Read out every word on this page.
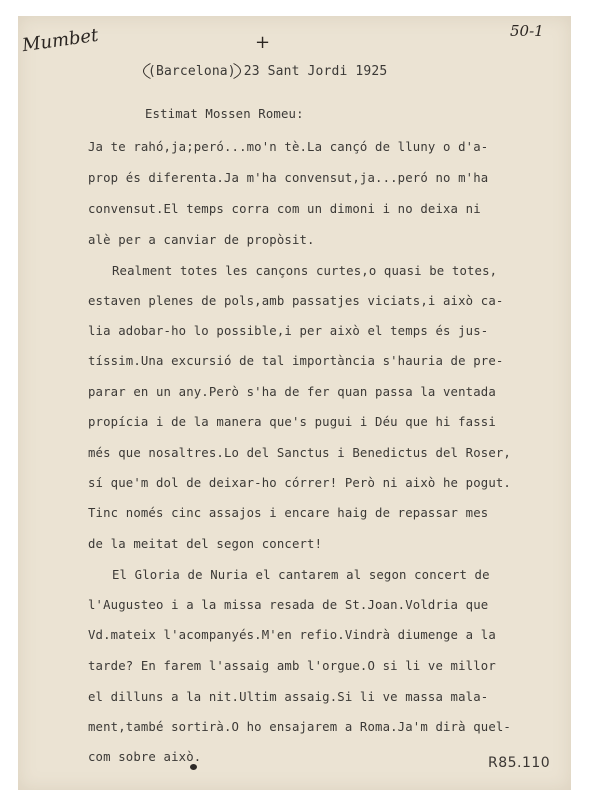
Mumbet	50-1
+
(Barcelona) 23 Sant Jordi 1925
Estimat Mossen Romeu:
Ja te rahó,ja;peró...mo'n tè.La cançó de lluny o d'a-
prop és diferenta.Ja m'ha convensut,ja...peró no m'ha
convensut.El temps corra com un dimoni i no deixa ni
alè per a canviar de propòsit.
Realment totes les cançons curtes,o quasi be totes,
estaven plenes de pols,amb passatjes viciats,i això ca-
lia adobar-ho lo possible,i per això el temps és jus-
tíssim.Una excursió de tal importància s'hauria de pre-
parar en un any.Però s'ha de fer quan passa la ventada
propícia i de la manera que's pugui i Déu que hi fassi
més que nosaltres.Lo del Sanctus i Benedictus del Roser,
sí que'm dol de deixar-ho córrer! Però ni això he pogut.
Tinc només cinc assajos i encare haig de repassar mes
de la meitat del segon concert!
El Gloria de Nuria el cantarem al segon concert de
l'Augusteo i a la missa resada de St.Joan.Voldria que
Vd.mateix l'acompanyés.M'en refio.Vindrà diumenge a la
tarde? En farem l'assaig amb l'orgue.O si li ve millor
el dilluns a la nit.Ultim assaig.Si li ve massa mala-
ment,també sortirà.O ho ensajarem a Roma.Ja'm dirà quel-
com sobre això.	R85.110
